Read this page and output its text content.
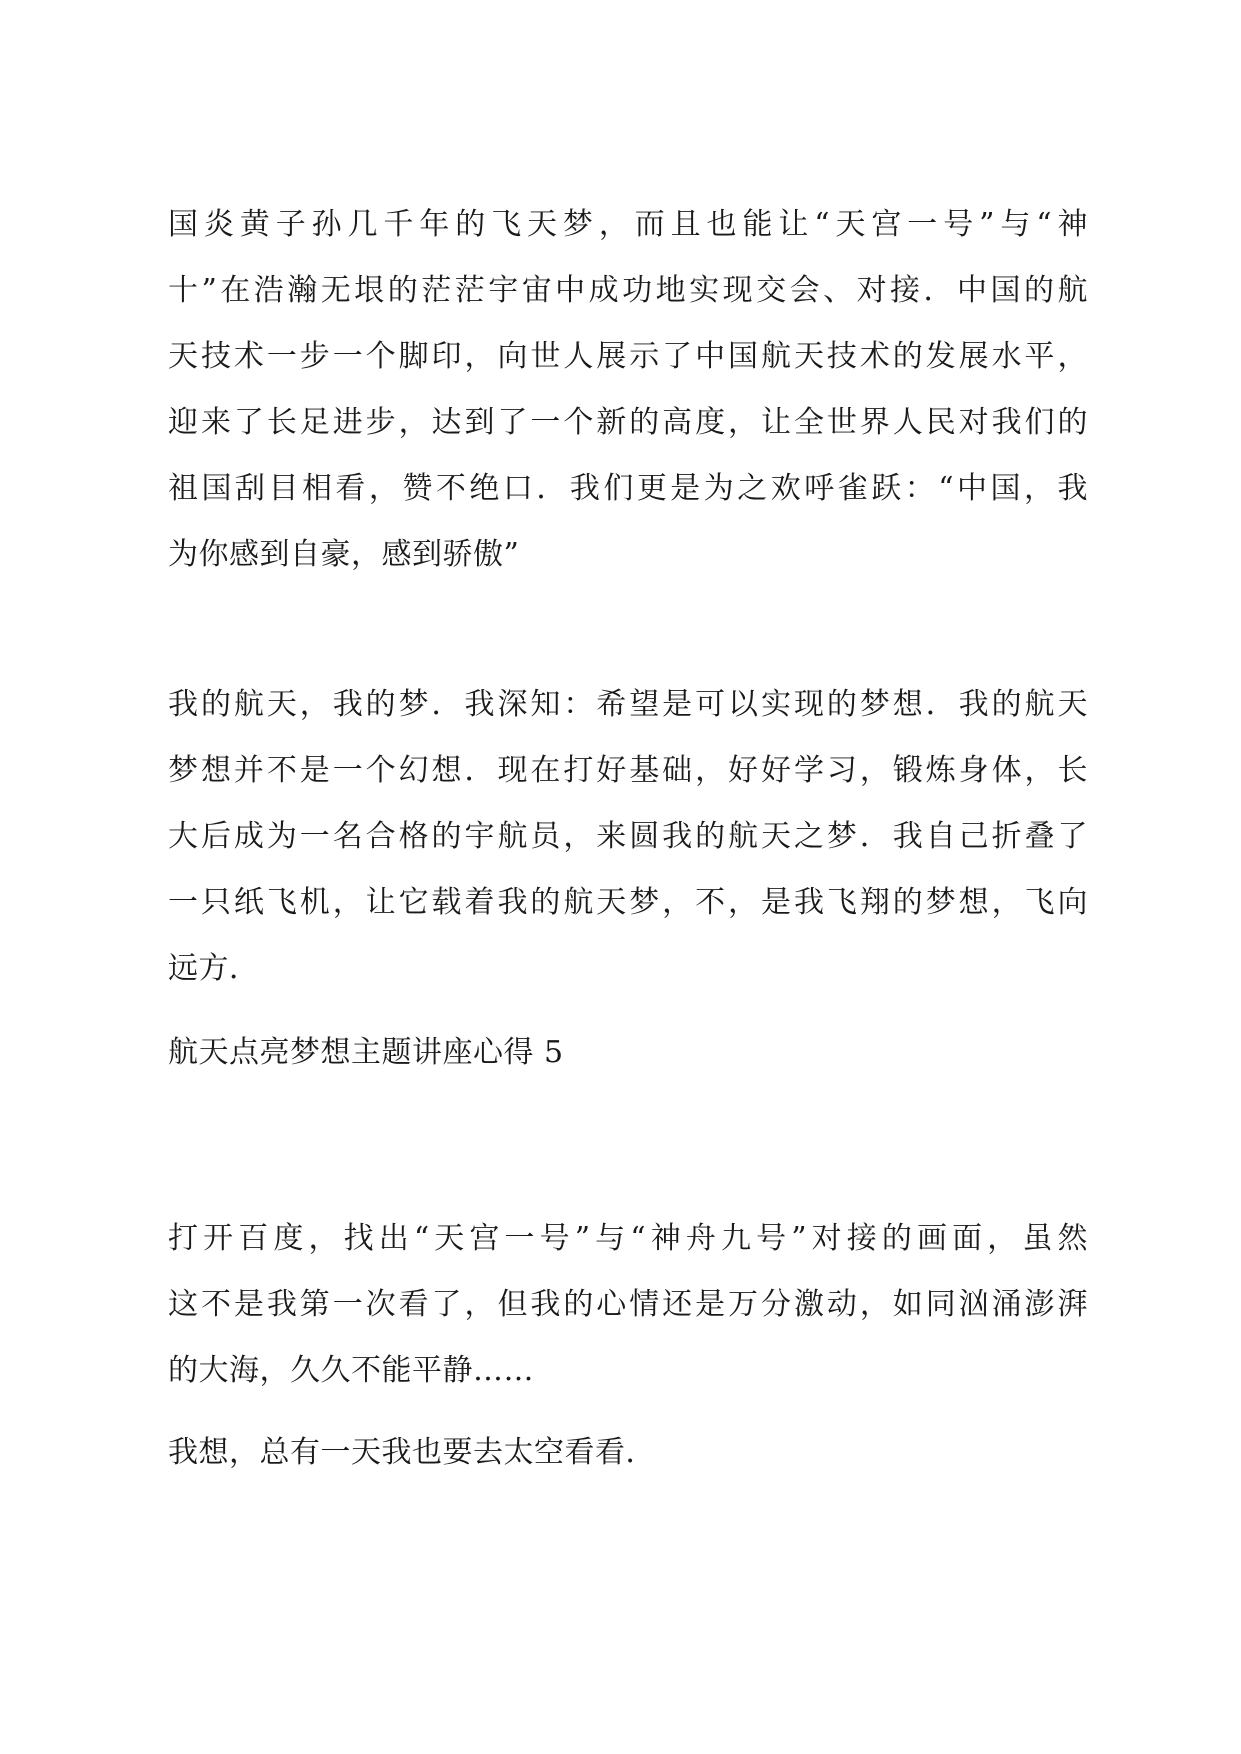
国炎黄子孙几千年的飞天梦，而且也能让“天宫一号”与“神
十”在浩瀚无垠的茫茫宇宙中成功地实现交会、对接．中国的航
天技术一步一个脚印，向世人展示了中国航天技术的发展水平，
迎来了长足进步，达到了一个新的高度，让全世界人民对我们的
祖国刮目相看，赞不绝口．我们更是为之欢呼雀跃：“中国，我
为你感到自豪，感到骄傲”
我的航天，我的梦．我深知：希望是可以实现的梦想．我的航天
梦想并不是一个幻想．现在打好基础，好好学习，锻炼身体，长
大后成为一名合格的宇航员，来圆我的航天之梦．我自己折叠了
一只纸飞机，让它载着我的航天梦，不，是我飞翔的梦想，飞向
远方．
航天点亮梦想主题讲座心得 5
打开百度，找出“天宫一号”与“神舟九号”对接的画面，虽然
这不是我第一次看了，但我的心情还是万分激动，如同汹涌澎湃
的大海，久久不能平静……
我想，总有一天我也要去太空看看．
